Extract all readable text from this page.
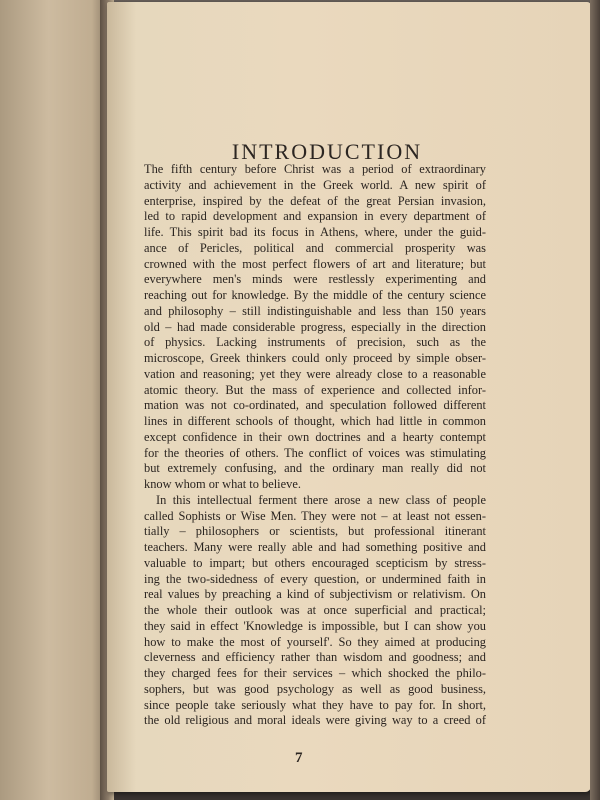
INTRODUCTION
The fifth century before Christ was a period of extraordinary
activity and achievement in the Greek world. A new spirit of
enterprise, inspired by the defeat of the great Persian invasion,
led to rapid development and expansion in every department of
life. This spirit bad its focus in Athens, where, under the guid-
ance of Pericles, political and commercial prosperity was
crowned with the most perfect flowers of art and literature; but
everywhere men's minds were restlessly experimenting and
reaching out for knowledge. By the middle of the century science
and philosophy – still indistinguishable and less than 150 years
old – had made considerable progress, especially in the direction
of physics. Lacking instruments of precision, such as the
microscope, Greek thinkers could only proceed by simple obser-
vation and reasoning; yet they were already close to a reasonable
atomic theory. But the mass of experience and collected infor-
mation was not co-ordinated, and speculation followed different
lines in different schools of thought, which had little in common
except confidence in their own doctrines and a hearty contempt
for the theories of others. The conflict of voices was stimulating
but extremely confusing, and the ordinary man really did not
know whom or what to believe.
In this intellectual ferment there arose a new class of people
called Sophists or Wise Men. They were not – at least not essen-
tially – philosophers or scientists, but professional itinerant
teachers. Many were really able and had something positive and
valuable to impart; but others encouraged scepticism by stress-
ing the two-sidedness of every question, or undermined faith in
real values by preaching a kind of subjectivism or relativism. On
the whole their outlook was at once superficial and practical;
they said in effect 'Knowledge is impossible, but I can show you
how to make the most of yourself'. So they aimed at producing
cleverness and efficiency rather than wisdom and goodness; and
they charged fees for their services – which shocked the philo-
sophers, but was good psychology as well as good business,
since people take seriously what they have to pay for. In short,
the old religious and moral ideals were giving way to a creed of
7
